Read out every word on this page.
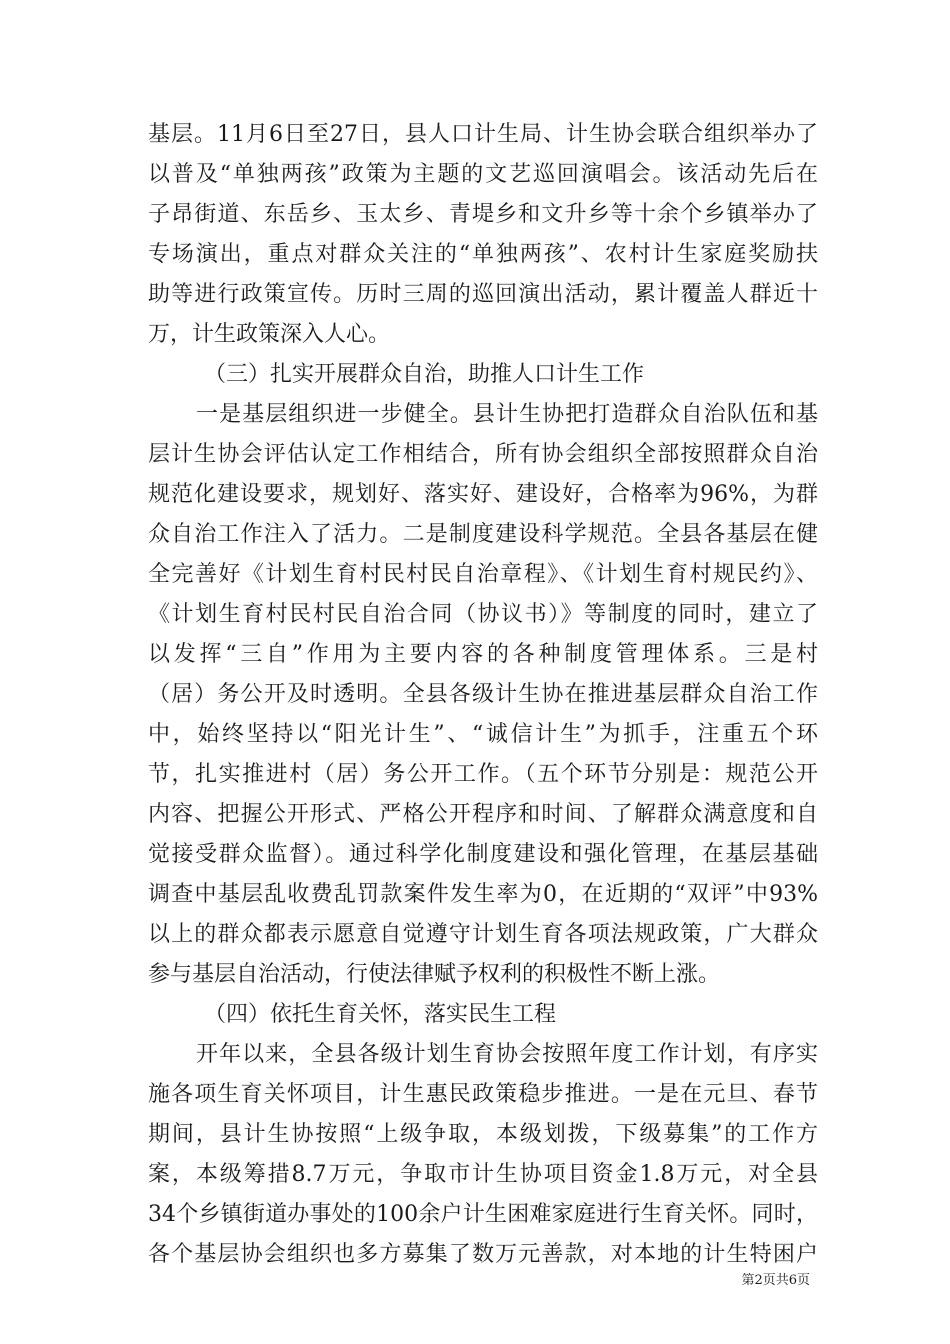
基层。11月6日至27日，县人口计生局、计生协会联合组织举办了
以普及“单独两孩”政策为主题的文艺巡回演唱会。该活动先后在
子昂街道、东岳乡、玉太乡、青堤乡和文升乡等十余个乡镇举办了
专场演出，重点对群众关注的“单独两孩”、农村计生家庭奖励扶
助等进行政策宣传。历时三周的巡回演出活动，累计覆盖人群近十
万，计生政策深入人心。
（三）扎实开展群众自治，助推人口计生工作
一是基层组织进一步健全。县计生协把打造群众自治队伍和基
层计生协会评估认定工作相结合，所有协会组织全部按照群众自治
规范化建设要求，规划好、落实好、建设好，合格率为96%，为群
众自治工作注入了活力。二是制度建设科学规范。全县各基层在健
全完善好《计划生育村民村民自治章程》、《计划生育村规民约》、
《计划生育村民村民自治合同（协议书）》等制度的同时，建立了
以发挥“三自”作用为主要内容的各种制度管理体系。三是村
（居）务公开及时透明。全县各级计生协在推进基层群众自治工作
中，始终坚持以“阳光计生”、“诚信计生”为抓手，注重五个环
节，扎实推进村（居）务公开工作。（五个环节分别是：规范公开
内容、把握公开形式、严格公开程序和时间、了解群众满意度和自
觉接受群众监督）。通过科学化制度建设和强化管理，在基层基础
调查中基层乱收费乱罚款案件发生率为0，在近期的“双评”中93%
以上的群众都表示愿意自觉遵守计划生育各项法规政策，广大群众
参与基层自治活动，行使法律赋予权利的积极性不断上涨。
（四）依托生育关怀，落实民生工程
开年以来，全县各级计划生育协会按照年度工作计划，有序实
施各项生育关怀项目，计生惠民政策稳步推进。一是在元旦、春节
期间，县计生协按照“上级争取，本级划拨，下级募集”的工作方
案，本级筹措8.7万元，争取市计生协项目资金1.8万元，对全县
34个乡镇街道办事处的100余户计生困难家庭进行生育关怀。同时，
各个基层协会组织也多方募集了数万元善款，对本地的计生特困户
第2页共6页
